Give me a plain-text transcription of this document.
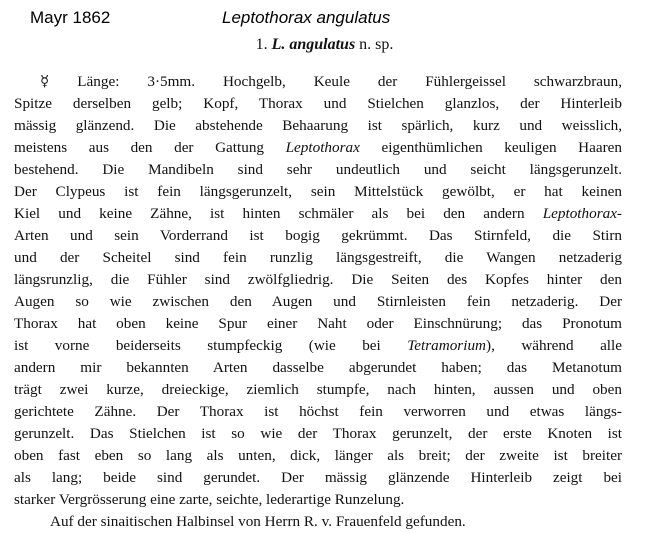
Mayr 1862	Leptothorax angulatus
1. L. angulatus n. sp.
☿ Länge: 3·5mm. Hochgelb, Keule der Fühlergeissel schwarzbraun,
Spitze derselben gelb; Kopf, Thorax und Stielchen glanzlos, der Hinterleib
mässig glänzend. Die abstehende Behaarung ist spärlich, kurz und weisslich,
meistens aus den der Gattung Leptothorax eigenthümlichen keuligen Haaren
bestehend. Die Mandibeln sind sehr undeutlich und seicht längsgerunzelt.
Der Clypeus ist fein längsgerunzelt, sein Mittelstück gewölbt, er hat keinen
Kiel und keine Zähne, ist hinten schmäler als bei den andern Leptothorax-
Arten und sein Vorderrand ist bogig gekrümmt. Das Stirnfeld, die Stirn
und der Scheitel sind fein runzlig längsgestreift, die Wangen netzaderig
längsrunzlig, die Fühler sind zwölfgliedrig. Die Seiten des Kopfes hinter den
Augen so wie zwischen den Augen und Stirnleisten fein netzaderig. Der
Thorax hat oben keine Spur einer Naht oder Einschnürung; das Pronotum
ist vorne beiderseits stumpfeckig (wie bei Tetramorium), während alle
andern mir bekannten Arten dasselbe abgerundet haben; das Metanotum
trägt zwei kurze, dreieckige, ziemlich stumpfe, nach hinten, aussen und oben
gerichtete Zähne. Der Thorax ist höchst fein verworren und etwas längs-
gerunzelt. Das Stielchen ist so wie der Thorax gerunzelt, der erste Knoten ist
oben fast eben so lang als unten, dick, länger als breit; der zweite ist breiter
als lang; beide sind gerundet. Der mässig glänzende Hinterleib zeigt bei
starker Vergrösserung eine zarte, seichte, lederartige Runzelung.
Auf der sinaitischen Halbinsel von Herrn R. v. Frauenfeld gefunden.
